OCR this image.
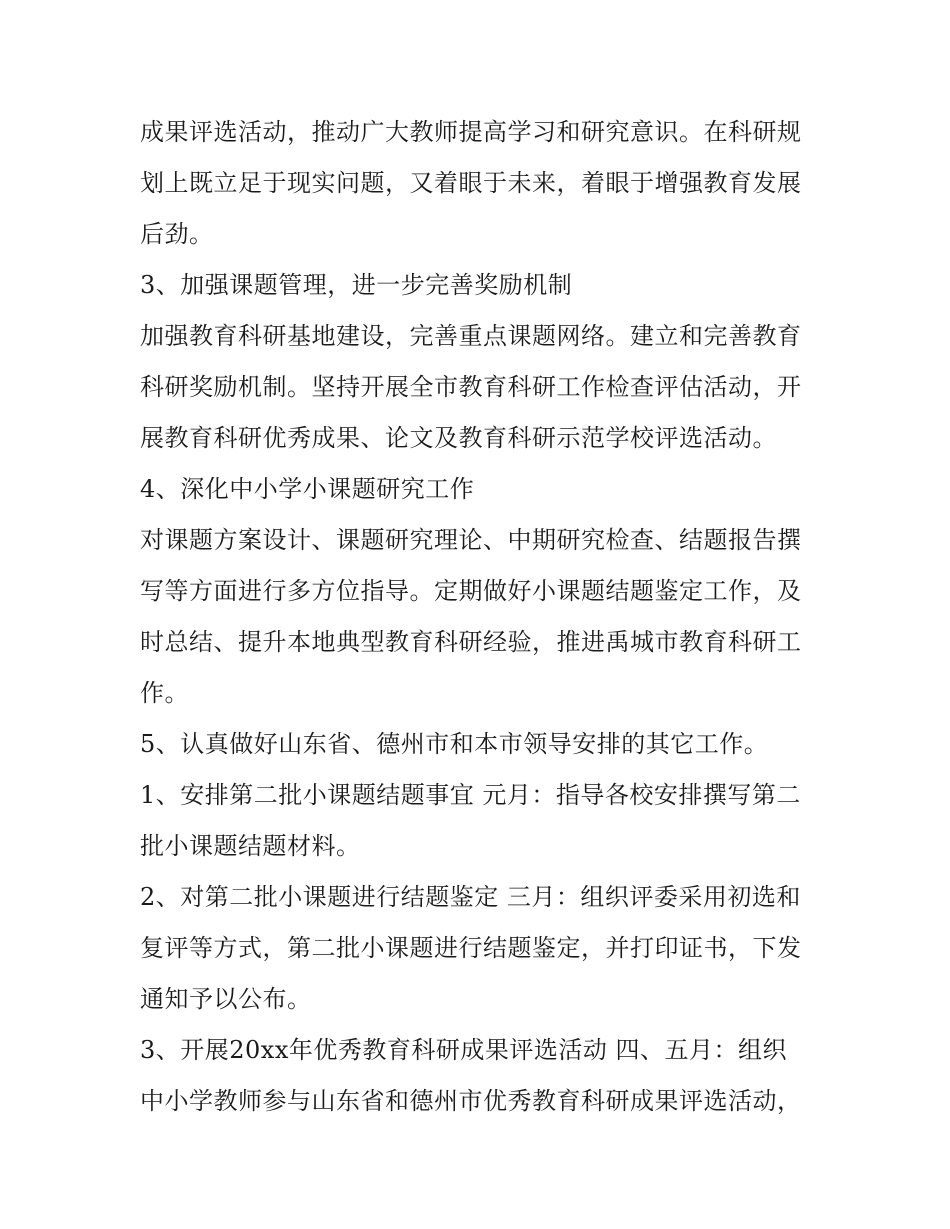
成果评选活动，推动广大教师提高学习和研究意识。在科研规
划上既立足于现实问题，又着眼于未来，着眼于增强教育发展
后劲。
3、加强课题管理，进一步完善奖励机制
加强教育科研基地建设，完善重点课题网络。建立和完善教育
科研奖励机制。坚持开展全市教育科研工作检查评估活动，开
展教育科研优秀成果、论文及教育科研示范学校评选活动。
4、深化中小学小课题研究工作
对课题方案设计、课题研究理论、中期研究检查、结题报告撰
写等方面进行多方位指导。定期做好小课题结题鉴定工作，及
时总结、提升本地典型教育科研经验，推进禹城市教育科研工
作。
5、认真做好山东省、德州市和本市领导安排的其它工作。
1、安排第二批小课题结题事宜 元月：指导各校安排撰写第二
批小课题结题材料。
2、对第二批小课题进行结题鉴定 三月：组织评委采用初选和
复评等方式，第二批小课题进行结题鉴定，并打印证书，下发
通知予以公布。
3、开展20xx年优秀教育科研成果评选活动 四、五月：组织
中小学教师参与山东省和德州市优秀教育科研成果评选活动，
